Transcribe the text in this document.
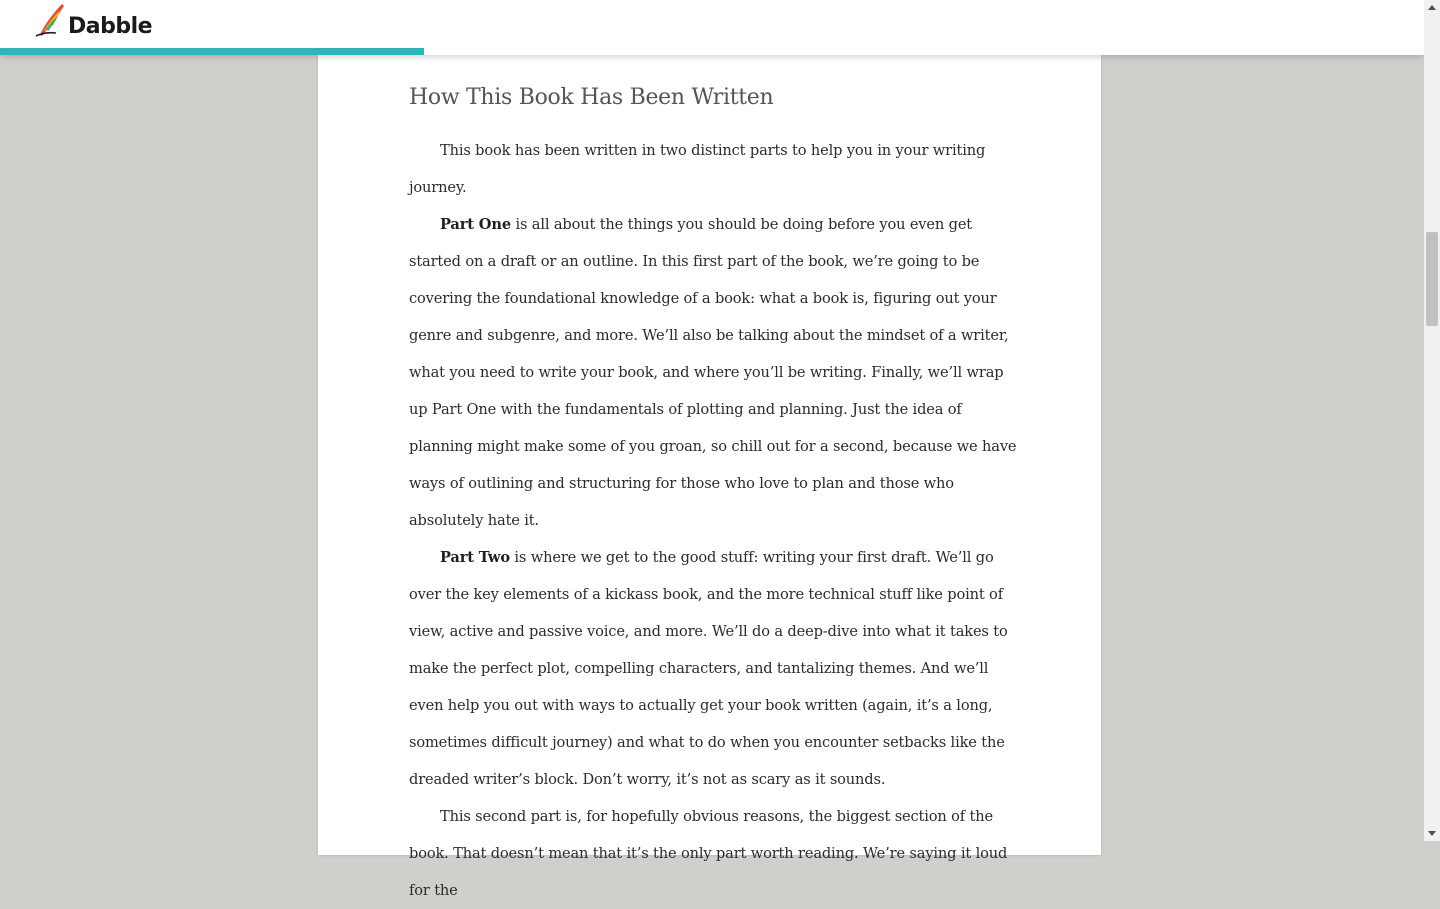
Dabble
How This Book Has Been Written

This book has been written in two distinct parts to help you in your writing journey.

Part One is all about the things you should be doing before you even get started on a draft or an outline. In this first part of the book, we’re going to be covering the foundational knowledge of a book: what a book is, figuring out your genre and subgenre, and more. We’ll also be talking about the mindset of a writer, what you need to write your book, and where you’ll be writing. Finally, we’ll wrap up Part One with the fundamentals of plotting and planning. Just the idea of planning might make some of you groan, so chill out for a second, because we have ways of outlining and structuring for those who love to plan and those who absolutely hate it.

Part Two is where we get to the good stuff: writing your first draft. We’ll go over the key elements of a kickass book, and the more technical stuff like point of view, active and passive voice, and more. We’ll do a deep-dive into what it takes to make the perfect plot, compelling characters, and tantalizing themes. And we’ll even help you out with ways to actually get your book written (again, it’s a long, sometimes difficult journey) and what to do when you encounter setbacks like the dreaded writer’s block. Don’t worry, it’s not as scary as it sounds.

This second part is, for hopefully obvious reasons, the biggest section of the book. That doesn’t mean that it’s the only part worth reading. We’re saying it loud for the
